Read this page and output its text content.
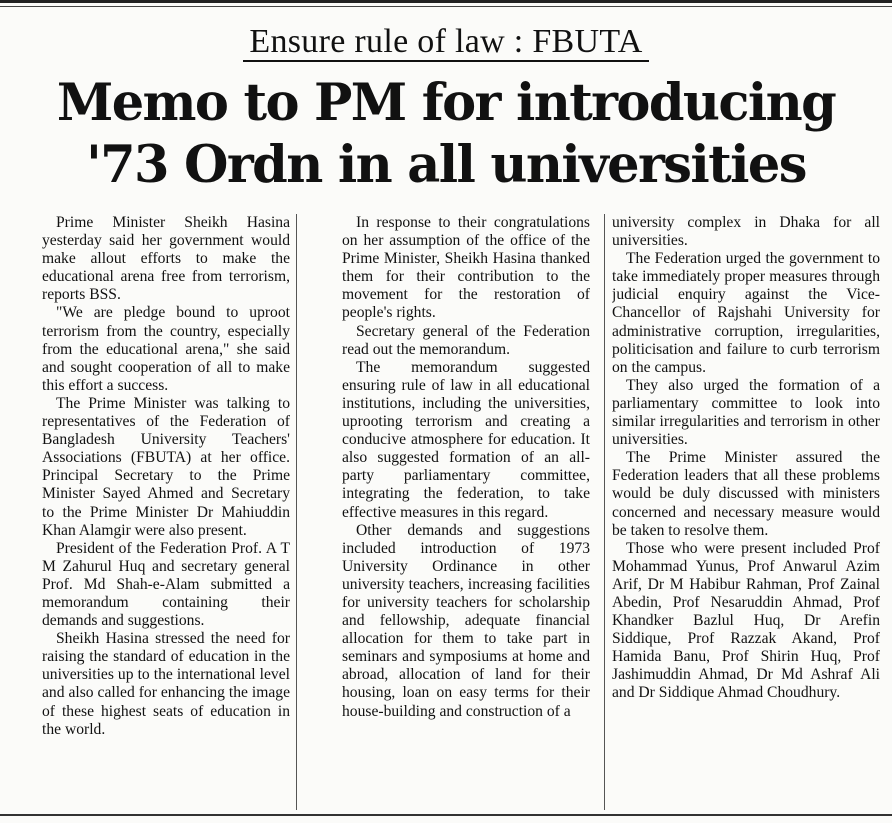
Ensure rule of law : FBUTA
Memo to PM for introducing
'73 Ordn in all universities

Prime Minister Sheikh Hasina yesterday said her government would make allout efforts to make the educational arena free from terrorism, reports BSS.

"We are pledge bound to uproot terrorism from the country, especially from the educational arena," she said and sought cooperation of all to make this effort a success.

The Prime Minister was talking to representatives of the Federation of Bangladesh University Teachers' Associations (FBUTA) at her office. Principal Secretary to the Prime Minister Sayed Ahmed and Secretary to the Prime Minister Dr Mahiuddin Khan Alamgir were also present.

President of the Federation Prof. A T M Zahurul Huq and secretary general Prof. Md Shah-e-Alam submitted a memorandum containing their demands and suggestions.

Sheikh Hasina stressed the need for raising the standard of education in the universities up to the international level and also called for enhancing the image of these highest seats of education in the world.

In response to their congratulations on her assumption of the office of the Prime Minister, Sheikh Hasina thanked them for their contribution to the movement for the restoration of people's rights.

Secretary general of the Federation read out the memorandum.

The memorandum suggested ensuring rule of law in all educational institutions, including the universities, uprooting terrorism and creating a conducive atmosphere for education. It also suggested formation of an all-party parliamentary committee, integrating the federation, to take effective measures in this regard.

Other demands and suggestions included introduction of 1973 University Ordinance in other university teachers, increasing facilities for university teachers for scholarship and fellowship, adequate financial allocation for them to take part in seminars and symposiums at home and abroad, allocation of land for their housing, loan on easy terms for their house-building and construction of a

university complex in Dhaka for all universities.

The Federation urged the government to take immediately proper measures through judicial enquiry against the Vice-Chancellor of Rajshahi University for administrative corruption, irregularities, politicisation and failure to curb terrorism on the campus.

They also urged the formation of a parliamentary committee to look into similar irregularities and terrorism in other universities.

The Prime Minister assured the Federation leaders that all these problems would be duly discussed with ministers concerned and necessary measure would be taken to resolve them.

Those who were present included Prof Mohammad Yunus, Prof Anwarul Azim Arif, Dr M Habibur Rahman, Prof Zainal Abedin, Prof Nesaruddin Ahmad, Prof Khandker Bazlul Huq, Dr Arefin Siddique, Prof Razzak Akand, Prof Hamida Banu, Prof Shirin Huq, Prof Jashimuddin Ahmad, Dr Md Ashraf Ali and Dr Siddique Ahmad Choudhury.
